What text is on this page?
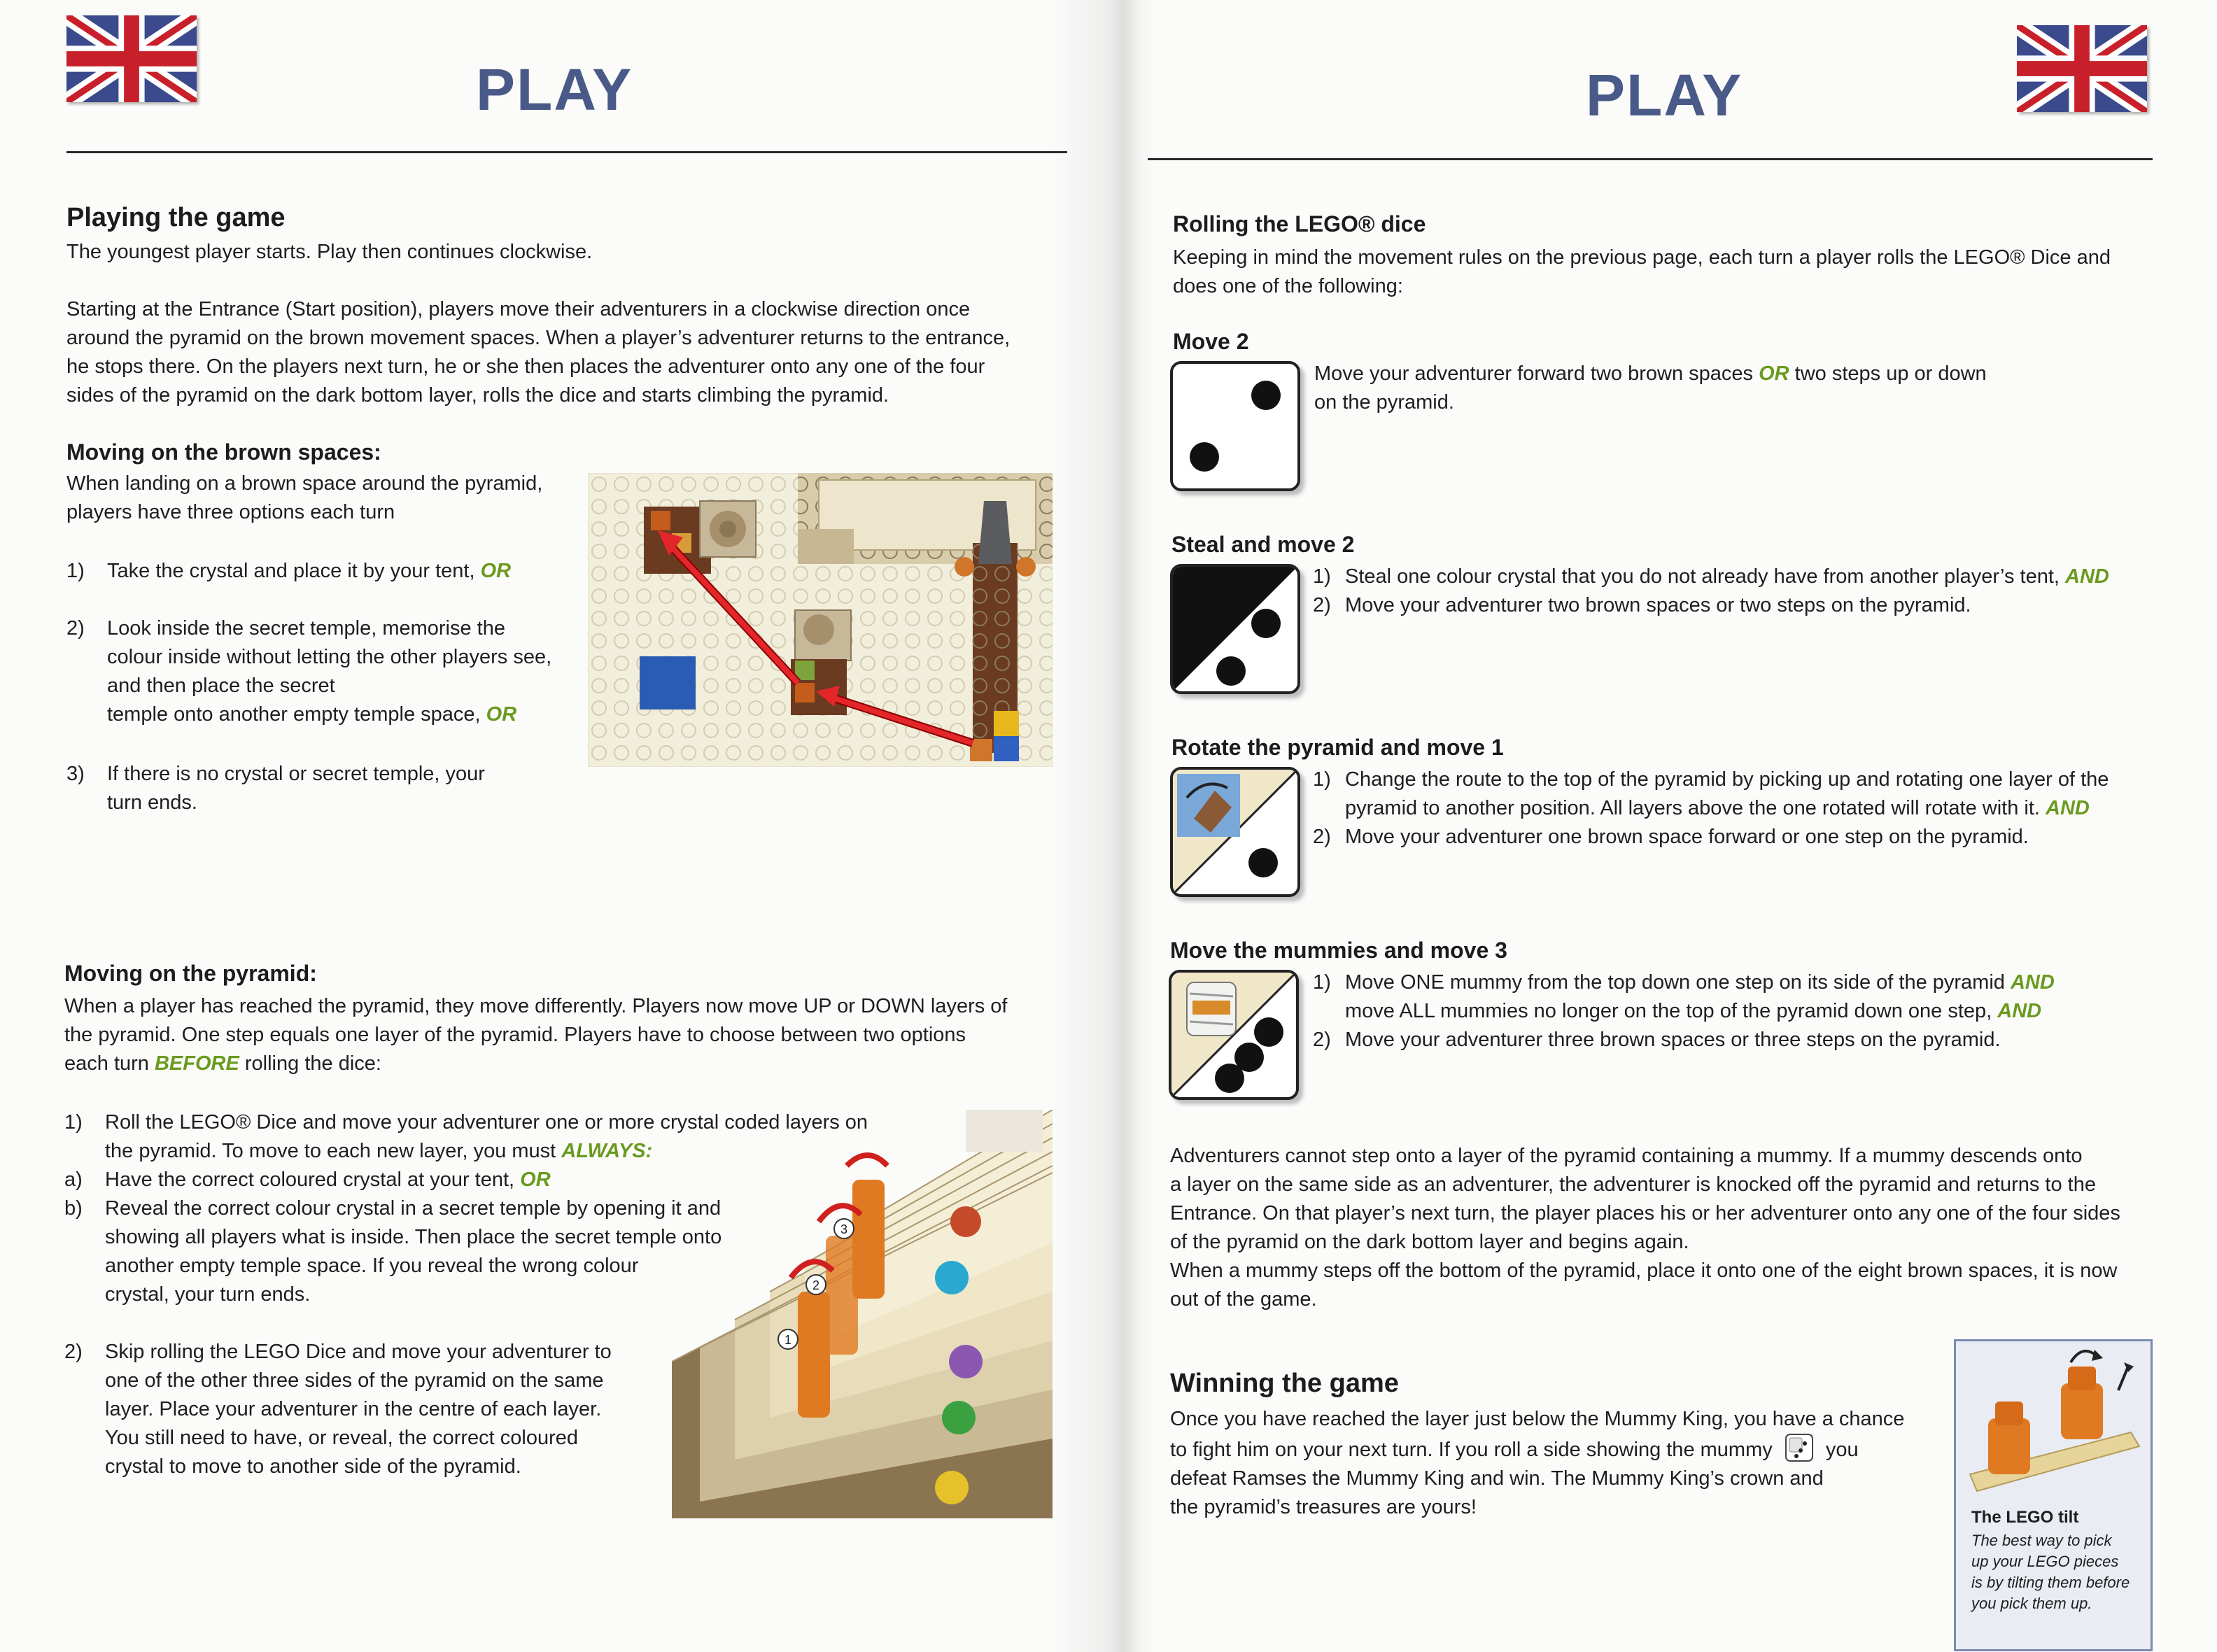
PLAY
Playing the game

The youngest player starts. Play then continues clockwise.

Starting at the Entrance (Start position), players move their adventurers in a clockwise direction once

around the pyramid on the brown movement spaces. When a player’s adventurer returns to the entrance,

he stops there. On the players next turn, he or she then places the adventurer onto any one of the four

sides of the pyramid on the dark bottom layer, rolls the dice and starts climbing the pyramid.

Moving on the brown spaces:

When landing on a brown space around the pyramid,

players have three options each turn

1) Take the crystal and place it by your tent, OR
2) Look inside the secret temple, memorise the
colour inside without letting the other players see,
and then place the secret
temple onto another empty temple space, OR
3) If there is no crystal or secret temple, your
turn ends.
Moving on the pyramid:

When a player has reached the pyramid, they move differently. Players now move UP or DOWN layers of

the pyramid. One step equals one layer of the pyramid. Players have to choose between two options

each turn BEFORE rolling the dice:

1) Roll the LEGO® Dice and move your adventurer one or more crystal coded layers on
the pyramid. To move to each new layer, you must ALWAYS:
a) Have the correct coloured crystal at your tent, OR
b) Reveal the correct colour crystal in a secret temple by opening it and
showing all players what is inside. Then place the secret temple onto
another empty temple space. If you reveal the wrong colour
crystal, your turn ends.
2) Skip rolling the LEGO Dice and move your adventurer to
one of the other three sides of the pyramid on the same
layer. Place your adventurer in the centre of each layer.
You still need to have, or reveal, the correct coloured
crystal to move to another side of the pyramid.
1
2
3
PLAY
Rolling the LEGO® dice

Keeping in mind the movement rules on the previous page, each turn a player rolls the LEGO® Dice and

does one of the following:

Move 2

Move your adventurer forward two brown spaces OR two steps up or down

on the pyramid.

Steal and move 2
1) Steal one colour crystal that you do not already have from another player’s tent, AND
2) Move your adventurer two brown spaces or two steps on the pyramid.
Rotate the pyramid and move 1
1) Change the route to the top of the pyramid by picking up and rotating one layer of the
pyramid to another position. All layers above the one rotated will rotate with it. AND
2) Move your adventurer one brown space forward or one step on the pyramid.
Move the mummies and move 3
1) Move ONE mummy from the top down one step on its side of the pyramid AND
move ALL mummies no longer on the top of the pyramid down one step, AND
2) Move your adventurer three brown spaces or three steps on the pyramid.

Adventurers cannot step onto a layer of the pyramid containing a mummy. If a mummy descends onto

a layer on the same side as an adventurer, the adventurer is knocked off the pyramid and returns to the

Entrance. On that player’s next turn, the player places his or her adventurer onto any one of the four sides

of the pyramid on the dark bottom layer and begins again.

When a mummy steps off the bottom of the pyramid, place it onto one of the eight brown spaces, it is now

out of the game.

Winning the game

Once you have reached the layer just below the Mummy King, you have a chance

to fight him on your next turn. If you roll a side showing the mummy	you

defeat Ramses the Mummy King and win. The Mummy King’s crown and

the pyramid’s treasures are yours!	The LEGO tilt
The best way to pick
up your LEGO pieces
is by tilting them before
you pick them up.
